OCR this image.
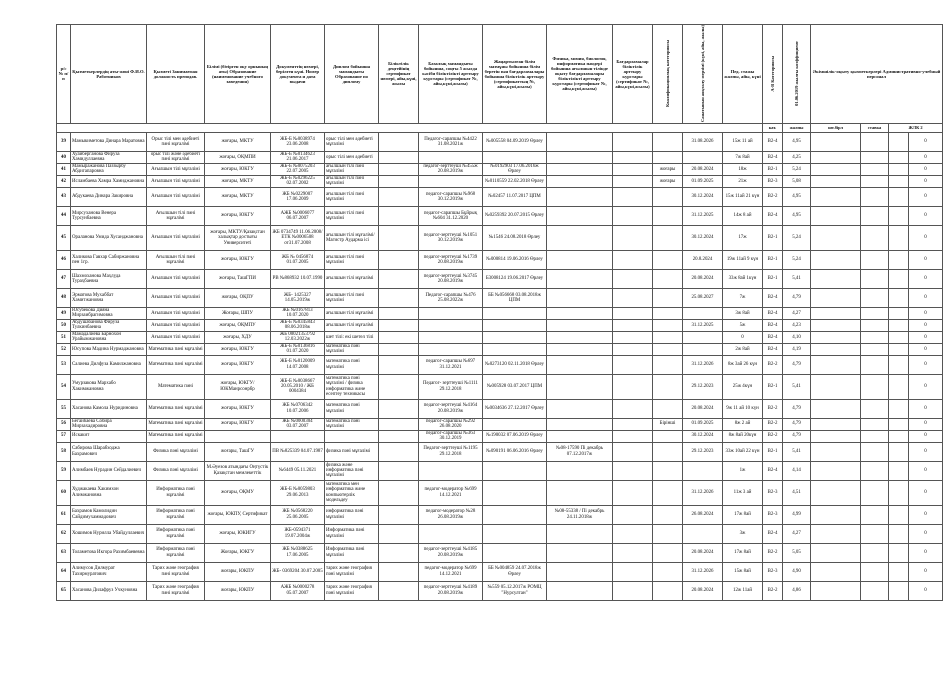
р/с № п/п	Қызметкерлердің аты-жөні Ф.И.О. Работников	Қызметі Занимаемая должность преподав.	Білімі (бітірген оқу орнының аты) Образование (наименование учебного заведения)	Документтің нөмері, берілген күні. Номер документа и дата выдачи	Диплом бойынша мамандығы Образование по диплому	Біліктілік деңгейінің сертификат нөмері, айы,күні, жылы	Базалық мамандығы бойынша, соңғы 5 жылда кәсіби біліктілікті арттыру курстары (сертификат №, айы,күні,жылы)	Жаңартылған білім мазмұны бойынша білім беретін пән бағдарламалары бойынша біліктілік арттыру (сертификаттың №, айы,күні,жылы)	Физика, химия, биология, информатика пәндері бойынша ағылшын тілінде оқыту бағдарламалары біліктілікті арттыру курстары (сертификат №, айы,күні,жылы)	Бағдарламалар біліктілік арттыру курстары (сертификат №, айы,күні,жылы)	Квалификациялық категориясы	Санатынын аяқталу мерзімі (күні, айы, жылы)	Пед. стажы жалпы, айы, күні	А-В Категориясы	01.06.2019 жылғы коэффициент	Әкімшілік-оқыту қызметкерлері Административно-учебный персонал			
														кат.	жалпы	шт.бірл	ставка	ЖЛК 2	
39	Мамыкиметова Динара Маратовна	Орыс тілі мен әдебиеті пәні мұғалімі	жоғары, МКТУ	ЖБ-Б №0038974 23.06.2008	орыс тілі мен әдебиеті мұғалімі		Педагог-сарапшы №4422 31.08.2021ж	№005558 04.09.2019 Өрлеу				31.08.2026	15ж 11 ай	В2-4	4,95				0
40	Хуайберганова Фируза Хамидуллаевна	орыс тілі және әдебиеті пәні мұғалімі	жоғары, ОҚМПИ	ЖБ-Б №0134623 21.06.2017	орыс тілі мен әдебиеті								7ж 8ай	В2-4	4,25				0
41	Мамыражанова Паззырбу Абдигапаровна	Ағылшын тілі мұғалімі	жоғары, ЮКГУ	ЖБ-Б №0075203 22.07.2005	ағылшын тілі пәні мұғалімі		педагог-зерттеуші №455ж 20.08.2019ж	№0192903 17.06.2016ж Өрлеу			жоғары	20.08.2024	18ж	В2-1	5,24				0
42	Исламбаева Хамра Хамиджановна	Ағылшын тілі мұғалімі	жоғары, МКТУ	ЖБ-Б №0296225 02.07.2002	ағылшын тілі пәні мұғалімі			№0110559 22.02.2018 Өрлеу			жоғары	01.09.2025	21ж	В2-3	5,08				0
43	Абдукаева Динара Закировна	Ағылшын тілі мұғалімі	жоғары, МКТУ	ЖБ №0229007 17.06.2009	ағылшын тілі пәні мұғалімі		педагог-сарапшы №968 30.12.2019ж	№02457 11.07.2017 ЦПМ				30.12.2024	15ж 11ай 21 күн	В2-2	4,95				0
44	Мирсуханова Венера Турсунбаевна	Ағылшын тілі пәні мұғалімі	жоғары, ЮКГУ	АЖБ №0006077 06.07.2007	ағылшын тілі пәні мұғалімі		педагог-сарапшы Бұйрық №604 31.12.2020	№0259392 20.07.2015 Өрлеу				31.12.2025	14ж 8 ай	В2-4	4,95				0
45	Ораланова Умида Хусанджановна	Ағылшын тілі мұғалімі	жоғары, МКТУ/Қазақстан халықтар достығы Университеті	ЖБ 0734749 11.06.2008/ЕТК №0006508 от31.07.2008	ағылшын тілі мұғалімі/Магистр Аударма ісі		педагог-зерттеуші №1051 30.12.2019ж	№1546 24.08.2018 Өрлеу				30.12.2024	17ж	В2-1	5,24				0
46	Халикова Гавхар Сабиржановна пен 1гр.	Ағылшын тілі пәні мұғалімі	жоғары, ЮКГУ	ЖБ № 0456874 01.07.2005	ағылшын тілі пәні мұғалімі		педагог-зерттеуші №1739 20.08.2019ж	№000814 19.06.2016 Өрлеу				20.8.2024	19ж 11ай 9 күн	В2-1	5,24				0
47	Шахмоханова Маҳлуда Тураҳбаевна	Ағылшын тілі мұғалімі	жоғары, ТашГПИ	РВ №868932 10.07.1990	ағылшын тілі мұғалімі		педагог-зерттеуші №3745 20.08.2019ж	Б3008124 19.06.2017 Өрлеу				20.08.2024	33ж 8ай 1күн	В2-1	5,41				0
48	Эрматова Мухаббат Хамитжановна	Ағылшын тілі мұғалімі	жоғары, ОҚПУ	ЖБ- 1425327 14.05.2019ж	ағылшын тілі пәні мұғалімі		Педагог-сарапшы №476 25.08.2022ж	ББ №056668 03.08.2018ж ЦПМ				25.08.2027	7ж	В2-4	4,79				0
49	Юсубекова Дияна Мирзаибрагимовна	Ағылшын тілі мұғалімі	Жоғары, ШПУ	ЖБ №0167813 10.07.2020	ағылшын тілі мұғалімі								3ж 8ай	В2-4	4,27				0
50	Абдушабанова Фируза Тулкинбаевна	Ағылшын тілі мұғалімі	жоғары, ОҚМПУ	ЖБ-Б №0345843 08.06.2018ж	ағылшын тілі мұғалімі							31.12.2025	5ж	В2-4	4,23				0
51	Мамадалиева Барнохон Урайымжановна	Ағылшын тілі мұғалімі	жоғары, ХДУ	ЖБ 00021353792 12.03.2022ж	шет тілі: екі шетел тілі								0	В2-4	4,10				0
52	Юсупова Мадина Нурмаджановна	Математика пәні мұғалімі	жоғары, ЮКГУ	ЖБ-Б №0136816 01.07.2020	математика пәні мұғалімі								2ж 8ай	В2-4	4,19				0
53	Салиева Дилфуза Камилжановна	Математика пәні мұғалімі	жоғары, ЮКГУ	ЖБ-Б №0120009 14.07.2008	математика пәні мұғалімі		педагог-сарапшы №697 31.12.2021	№0273120 02.11.2018 Өрлеу				31.12.2026	8ж 3ай 26 күн	В2-2	4,79				0
54	Умурзакова Мархабо Хакимжановна	Математика пәні	жоғары, ЮКГУ/ ЮКМанрсонрбр	ЖБ-Б №0038667 20.05.2010 / ЖБ 0004384	математика пәні мұғалімі / физика информатика және есептеу техникасы		Педагог- зерттеуші №1111 29.12.2018	№005928 03.07.2017 ЦПМ				29.12.2023	25ж 4күн	В2-1	5,41				0
55	Хасанова Камола Нуридиновна	Математика пәні мұғалімі	жоғары, ЮКГУ	ЖБ №0706342 10.07.2006	математика пәні мұғалімі		педагог-зерттеуші №4164 20.08.2019ж	№0034636 27.12.2017 Өрлеу				20.08.2024	9ж 11 ай 10 күн	В2-2	4,79				0
56	Бегайбаева Собира Мирзахадировна	Математика пәні мұғалімі	жоғары, ЮКГУ	ЖБ №0000304 03.07.2007	математика пәні мұғалімі		педагог-сарапшы №292 26.08.2020				Бірінші	01.09.2025	8ж 2 ай	В2-2	4,79				0
57	Искакит	Математика пәні мұғалімі					педагог-сарапшы №363 30.12.2019	№190032 07.06.2019 Өрлеу				30.12.2024	8ж 8ай 20күн	В2-2	4,79				0
58	Сабирова Шарабходжа Бахрамович	Физика пәні мұғалімі	жоғары, ТашГУ	ПВ №825339 04.07.1987	физика пәні мұғалімі		Педагог-зерттеуші №1195 29.12.2018	№090191 06.06.2016 Өрлеу	№08-17590 Пі декабрь 07.12.2017ж			29.12.2023	33ж 10ай 22 күн	В2-1	5,41				0
59	Алимбаев Нурадин Сейдалиевич	Физика пәні мұғалімі	М.Әуезов атындағы Оңтүстік Қазақстан мемлекеттік	№6449 05.11.2021	физика және информатика пәні мұғалімі								1ж	В2-4	4,14				0
60	Худжакаева Хакимхон Алимжановна	Информатика пәні мұғалімі	жоғары, ОҚМУ	ЖБ-Б №0059803 29.06.2013	математика мен информатика және компьютерлік модельдеу		педагог-модератор №699 14.12.2021					31.12.2026	11ж 3 ай	В2-3	4,51				0
61	Бахрамов Камолидин Сайдимухаммадович	Информатика пәні мұғалімі	жоғары, ЮКПУ, Сертификат	ЖБ №0568220 25.06.2005	информатика пәні мұғалімі		педагог-модератор №28 26.08.2019ж		№08-55338 / Пі декабрь 24.11.2018ж			26.08.2024	17ж 8ай	В2-3	4,99				0
62	Хошимов Нурилла Убайдуллаевич	Информатика пәні мұғалімі	жоғары, ЮКИГУ	ЖБ-0594371 19.07.2004ж	Информатика пәні мұғалімі								3ж	В2-4	4,27				0
63	Толаметова Икгора Рахимбаевевна	Информатика пәні мұғалімі	Жоғары, ЮКГУ	ЖБ №0388625 17.06.2005	Информатика пәні мұғалімі		педагог-зерттеуші №4185 20.08.2019ж					20.08.2024	17ж 8ай	В2-2	5,05				0
64	Алимусов Дилмурат Тахирмуратович	Тарих және география пәні мұғалімі	жоғары, ЮКПУ	ЖБ- 0369204 30.07.2005	тарих және география пәні мұғалімі		педагог-модератор №699 14.12.2021	ББ №004859 24.07.2018ж Өрлеу				31.12.2026	15ж 8ай	В2-3	4,90				0
65	Хасанова Дилафруз Учкуновна	Тарих және география пәні мұғалімі	жоғары, ЮКПУ	АЖБ №0000278 05.07.2007	тарих және география пәні мұғалімі		педагог-зерттеуші №4189 20.08.2019ж	№559 05.12.2017ж РОМЦ "Нурсултан"				20.08.2024	12ж 11ай	В2-2	4,86				0
